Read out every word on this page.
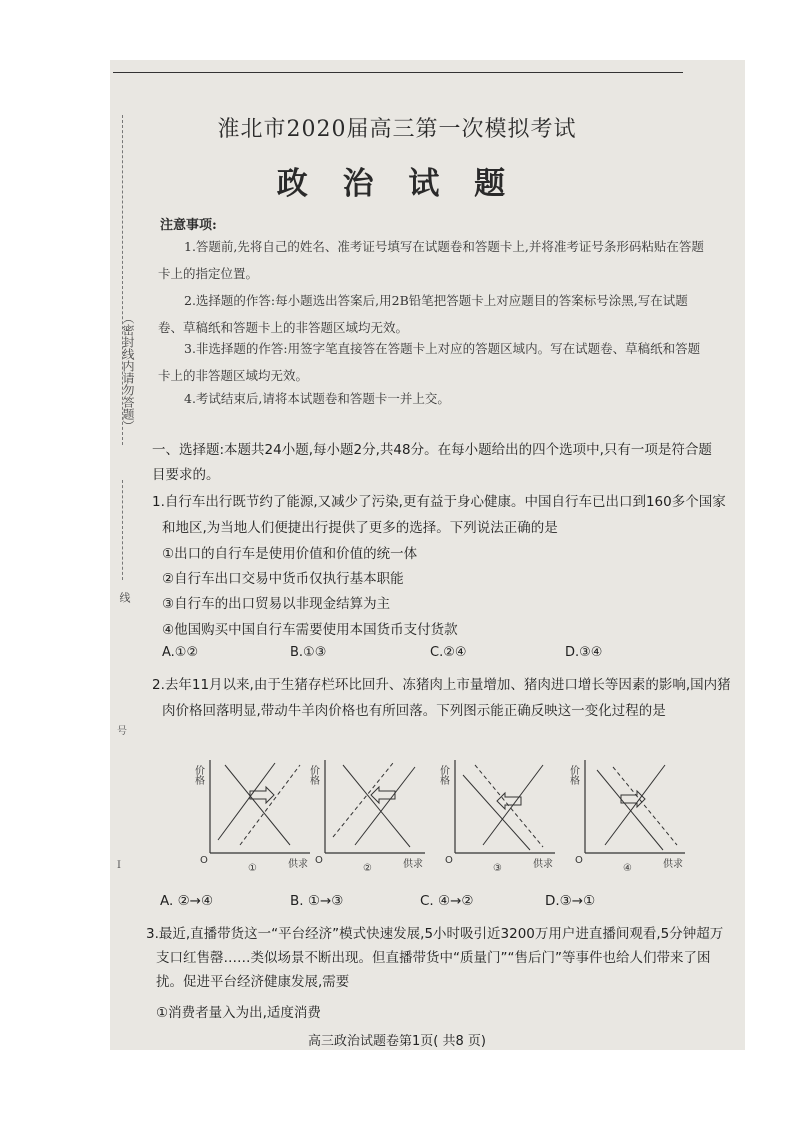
（密封线内请勿答题）
线
号
I
淮北市2020届高三第一次模拟考试
政 治 试 题
注意事项:
1.答题前,先将自己的姓名、准考证号填写在试题卷和答题卡上,并将准考证号条形码粘贴在答题卡上的指定位置。
2.选择题的作答:每小题选出答案后,用2B铅笔把答题卡上对应题目的答案标号涂黑,写在试题卷、草稿纸和答题卡上的非答题区域均无效。
3.非选择题的作答:用签字笔直接答在答题卡上对应的答题区域内。写在试题卷、草稿纸和答题卡上的非答题区域均无效。
4.考试结束后,请将本试题卷和答题卡一并上交。
一、选择题:本题共24小题,每小题2分,共48分。在每小题给出的四个选项中,只有一项是符合题目要求的。
1.自行车出行既节约了能源,又减少了污染,更有益于身心健康。中国自行车已出口到160多个国家和地区,为当地人们便捷出行提供了更多的选择。下列说法正确的是
①出口的自行车是使用价值和价值的统一体
②自行车出口交易中货币仅执行基本职能
③自行车的出口贸易以非现金结算为主
④他国购买中国自行车需要使用本国货币支付货款
A.①②	B.①③	C.②④	D.③④
2.去年11月以来,由于生猪存栏环比回升、冻猪肉上市量增加、猪肉进口增长等因素的影响,国内猪肉价格回落明显,带动牛羊肉价格也有所回落。下列图示能正确反映这一变化过程的是
价格
O	供求
①
价格
O	供求
②
价格
O	供求
③
价格
O	供求
④
A. ②→④	B. ①→③	C. ④→②	D.③→①
3.最近,直播带货这一“平台经济”模式快速发展,5小时吸引近3200万用户进直播间观看,5分钟超万支口红售罄……类似场景不断出现。但直播带货中“质量门”“售后门”等事件也给人们带来了困扰。促进平台经济健康发展,需要
①消费者量入为出,适度消费
高三政治试题卷第1页( 共8 页)
